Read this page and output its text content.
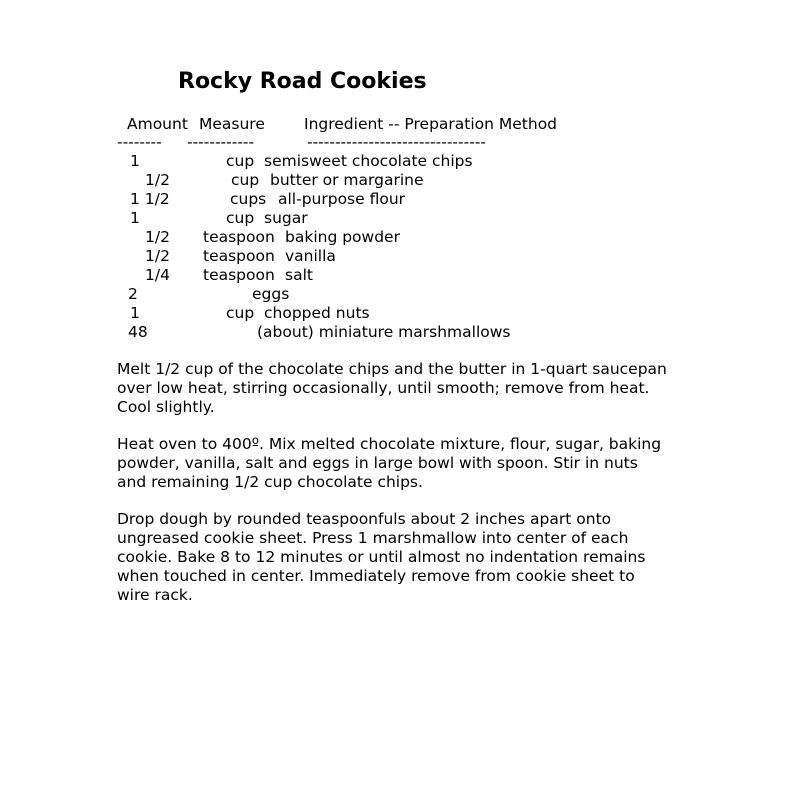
Rocky Road Cookies
Amount Measure	Ingredient -- Preparation Method
-------- ------------	--------------------------------
1	cup semisweet chocolate chips
1/2	cup butter or margarine
1 1/2	cups all-purpose flour
1	cup sugar
1/2 teaspoon baking powder
1/2 teaspoon vanilla
1/4 teaspoon salt
2	eggs
1	cup chopped nuts
48	(about) miniature marshmallows
Melt 1/2 cup of the chocolate chips and the butter in 1-quart saucepan
over low heat, stirring occasionally, until smooth; remove from heat.
Cool slightly.
Heat oven to 400º. Mix melted chocolate mixture, flour, sugar, baking
powder, vanilla, salt and eggs in large bowl with spoon. Stir in nuts
and remaining 1/2 cup chocolate chips.
Drop dough by rounded teaspoonfuls about 2 inches apart onto
ungreased cookie sheet. Press 1 marshmallow into center of each
cookie. Bake 8 to 12 minutes or until almost no indentation remains
when touched in center. Immediately remove from cookie sheet to
wire rack.
